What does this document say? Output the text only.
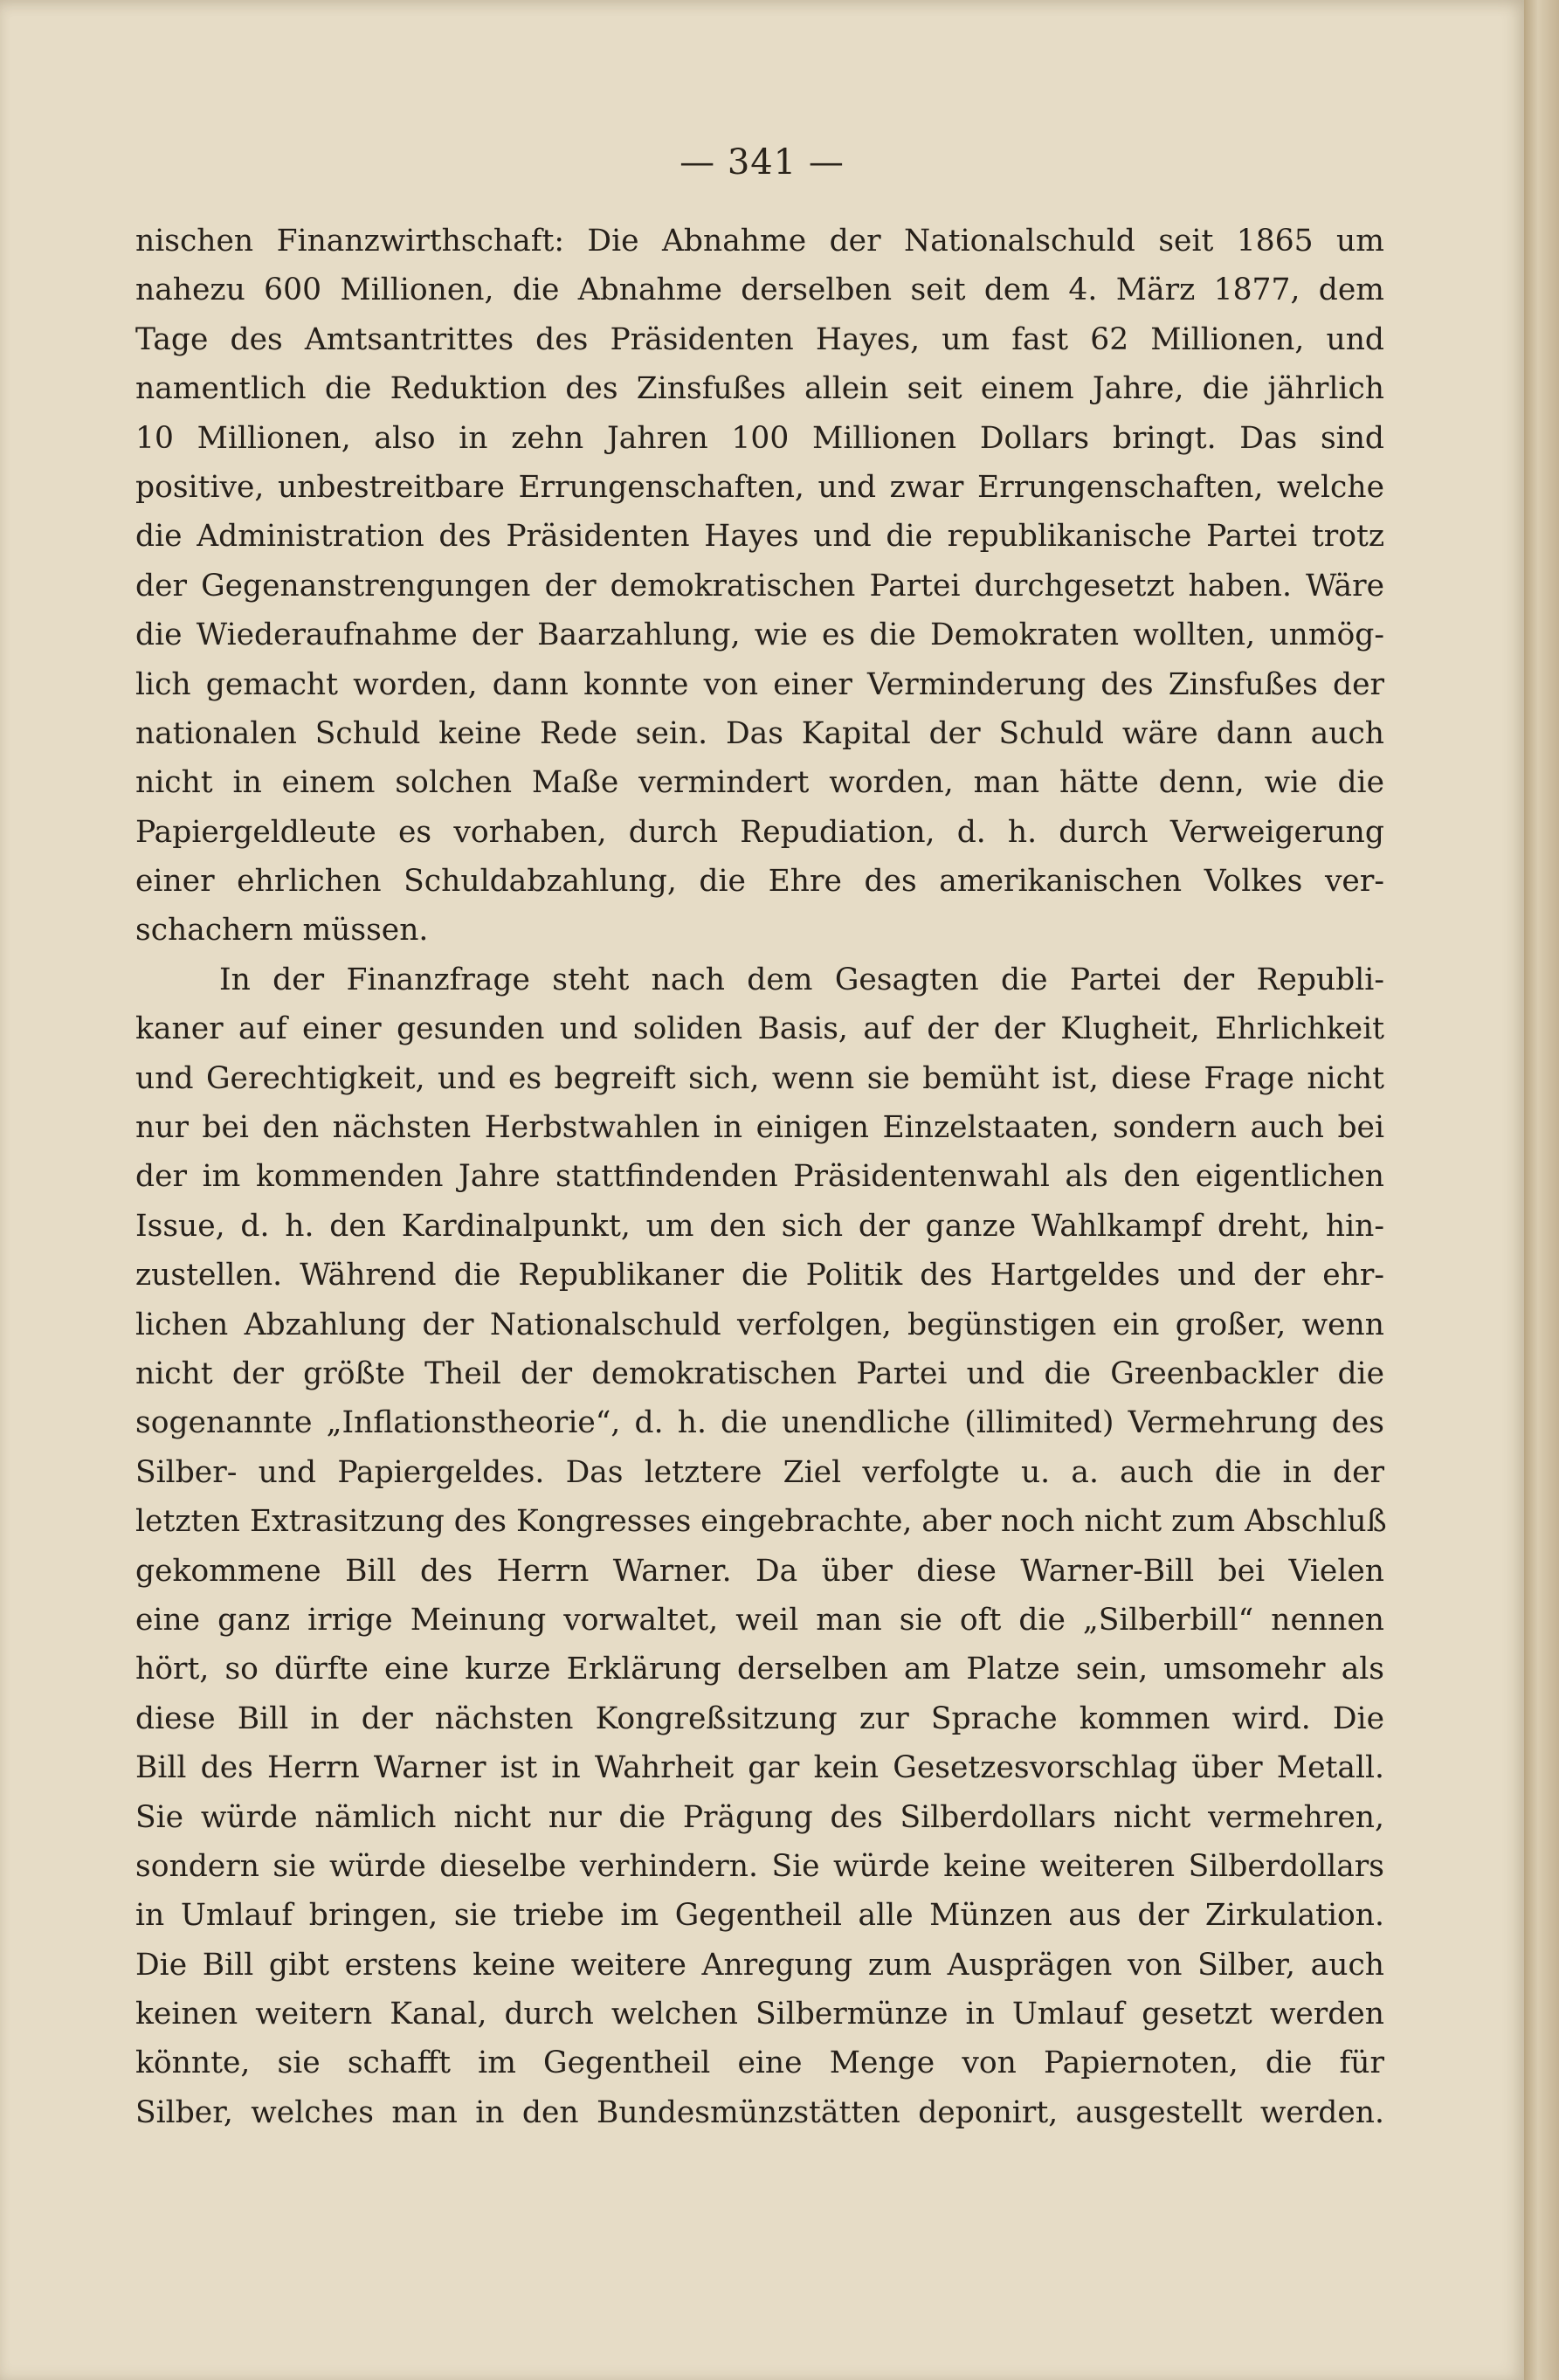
— 341 —
nischen Finanzwirthschaft: Die Abnahme der Nationalschuld seit 1865 um
nahezu 600 Millionen, die Abnahme derselben seit dem 4. März 1877, dem
Tage des Amtsantrittes des Präsidenten Hayes, um fast 62 Millionen, und
namentlich die Reduktion des Zinsfußes allein seit einem Jahre, die jährlich
10 Millionen, also in zehn Jahren 100 Millionen Dollars bringt. Das sind
positive, unbestreitbare Errungenschaften, und zwar Errungenschaften, welche
die Administration des Präsidenten Hayes und die republikanische Partei trotz
der Gegenanstrengungen der demokratischen Partei durchgesetzt haben. Wäre
die Wiederaufnahme der Baarzahlung, wie es die Demokraten wollten, unmög-
lich gemacht worden, dann konnte von einer Verminderung des Zinsfußes der
nationalen Schuld keine Rede sein. Das Kapital der Schuld wäre dann auch
nicht in einem solchen Maße vermindert worden, man hätte denn, wie die
Papiergeldleute es vorhaben, durch Repudiation, d. h. durch Verweigerung
einer ehrlichen Schuldabzahlung, die Ehre des amerikanischen Volkes ver-
schachern müssen.
In der Finanzfrage steht nach dem Gesagten die Partei der Republi-
kaner auf einer gesunden und soliden Basis, auf der der Klugheit, Ehrlichkeit
und Gerechtigkeit, und es begreift sich, wenn sie bemüht ist, diese Frage nicht
nur bei den nächsten Herbstwahlen in einigen Einzelstaaten, sondern auch bei
der im kommenden Jahre stattfindenden Präsidentenwahl als den eigentlichen
Issue, d. h. den Kardinalpunkt, um den sich der ganze Wahlkampf dreht, hin-
zustellen. Während die Republikaner die Politik des Hartgeldes und der ehr-
lichen Abzahlung der Nationalschuld verfolgen, begünstigen ein großer, wenn
nicht der größte Theil der demokratischen Partei und die Greenbackler die
sogenannte „Inflationstheorie“, d. h. die unendliche (illimited) Vermehrung des
Silber- und Papiergeldes. Das letztere Ziel verfolgte u. a. auch die in der
letzten Extrasitzung des Kongresses eingebrachte, aber noch nicht zum Abschluß
gekommene Bill des Herrn Warner. Da über diese Warner-Bill bei Vielen
eine ganz irrige Meinung vorwaltet, weil man sie oft die „Silberbill“ nennen
hört, so dürfte eine kurze Erklärung derselben am Platze sein, umsomehr als
diese Bill in der nächsten Kongreßsitzung zur Sprache kommen wird. Die
Bill des Herrn Warner ist in Wahrheit gar kein Gesetzesvorschlag über Metall.
Sie würde nämlich nicht nur die Prägung des Silberdollars nicht vermehren,
sondern sie würde dieselbe verhindern. Sie würde keine weiteren Silberdollars
in Umlauf bringen, sie triebe im Gegentheil alle Münzen aus der Zirkulation.
Die Bill gibt erstens keine weitere Anregung zum Ausprägen von Silber, auch
keinen weitern Kanal, durch welchen Silbermünze in Umlauf gesetzt werden
könnte, sie schafft im Gegentheil eine Menge von Papiernoten, die für
Silber, welches man in den Bundesmünzstätten deponirt, ausgestellt werden.
